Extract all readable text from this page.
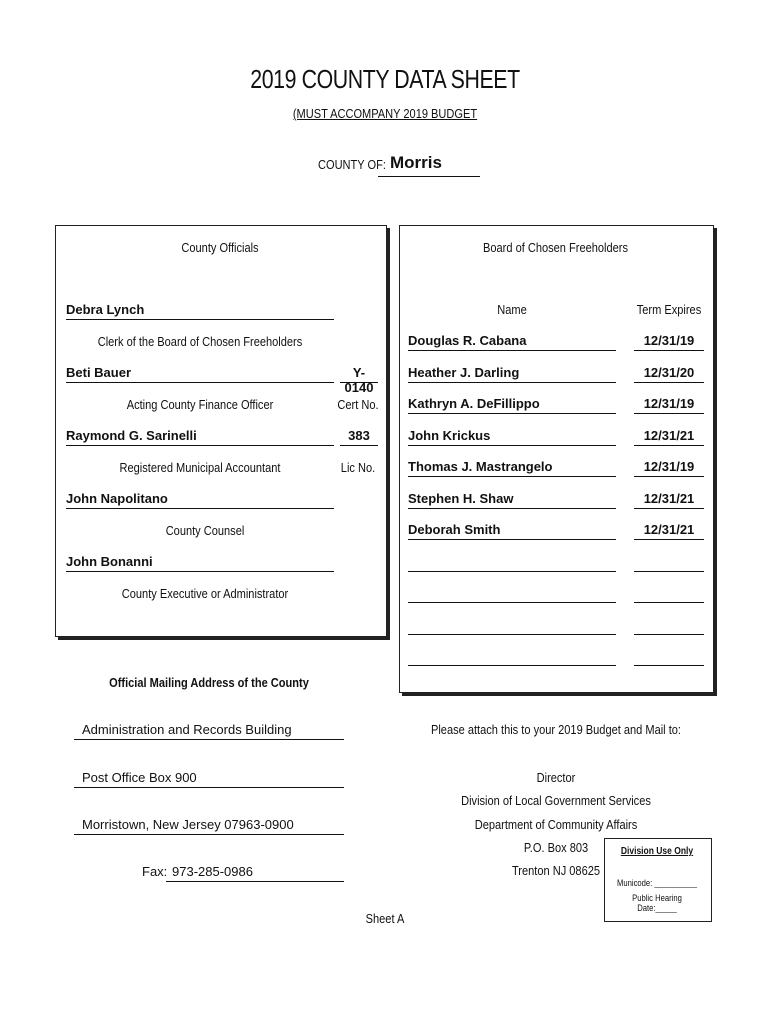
2019 COUNTY DATA SHEET
(MUST ACCOMPANY 2019 BUDGET
COUNTY OF: Morris
County Officials
Debra Lynch
Clerk of the Board of Chosen Freeholders
Beti Bauer	Y-0140
Acting County Finance Officer	Cert No.
Raymond G. Sarinelli	383
Registered Municipal Accountant	Lic No.
John Napolitano
County Counsel
John Bonanni
County Executive or Administrator
Board of Chosen Freeholders
Name	Term Expires
Douglas R. Cabana	12/31/19
Heather J. Darling	12/31/20
Kathryn A. DeFillippo	12/31/19
John Krickus	12/31/21
Thomas J. Mastrangelo	12/31/19
Stephen H. Shaw	12/31/21
Deborah Smith	12/31/21
Official Mailing Address of the County
Administration and Records Building
Post Office Box 900
Morristown, New Jersey 07963-0900
Fax: 973-285-0986
Please attach this to your 2019 Budget and Mail to:
Director
Division of Local Government Services
Department of Community Affairs
P.O. Box 803
Trenton NJ 08625
Division Use Only
Municode: __________
Public Hearing Date:_____
Sheet A
